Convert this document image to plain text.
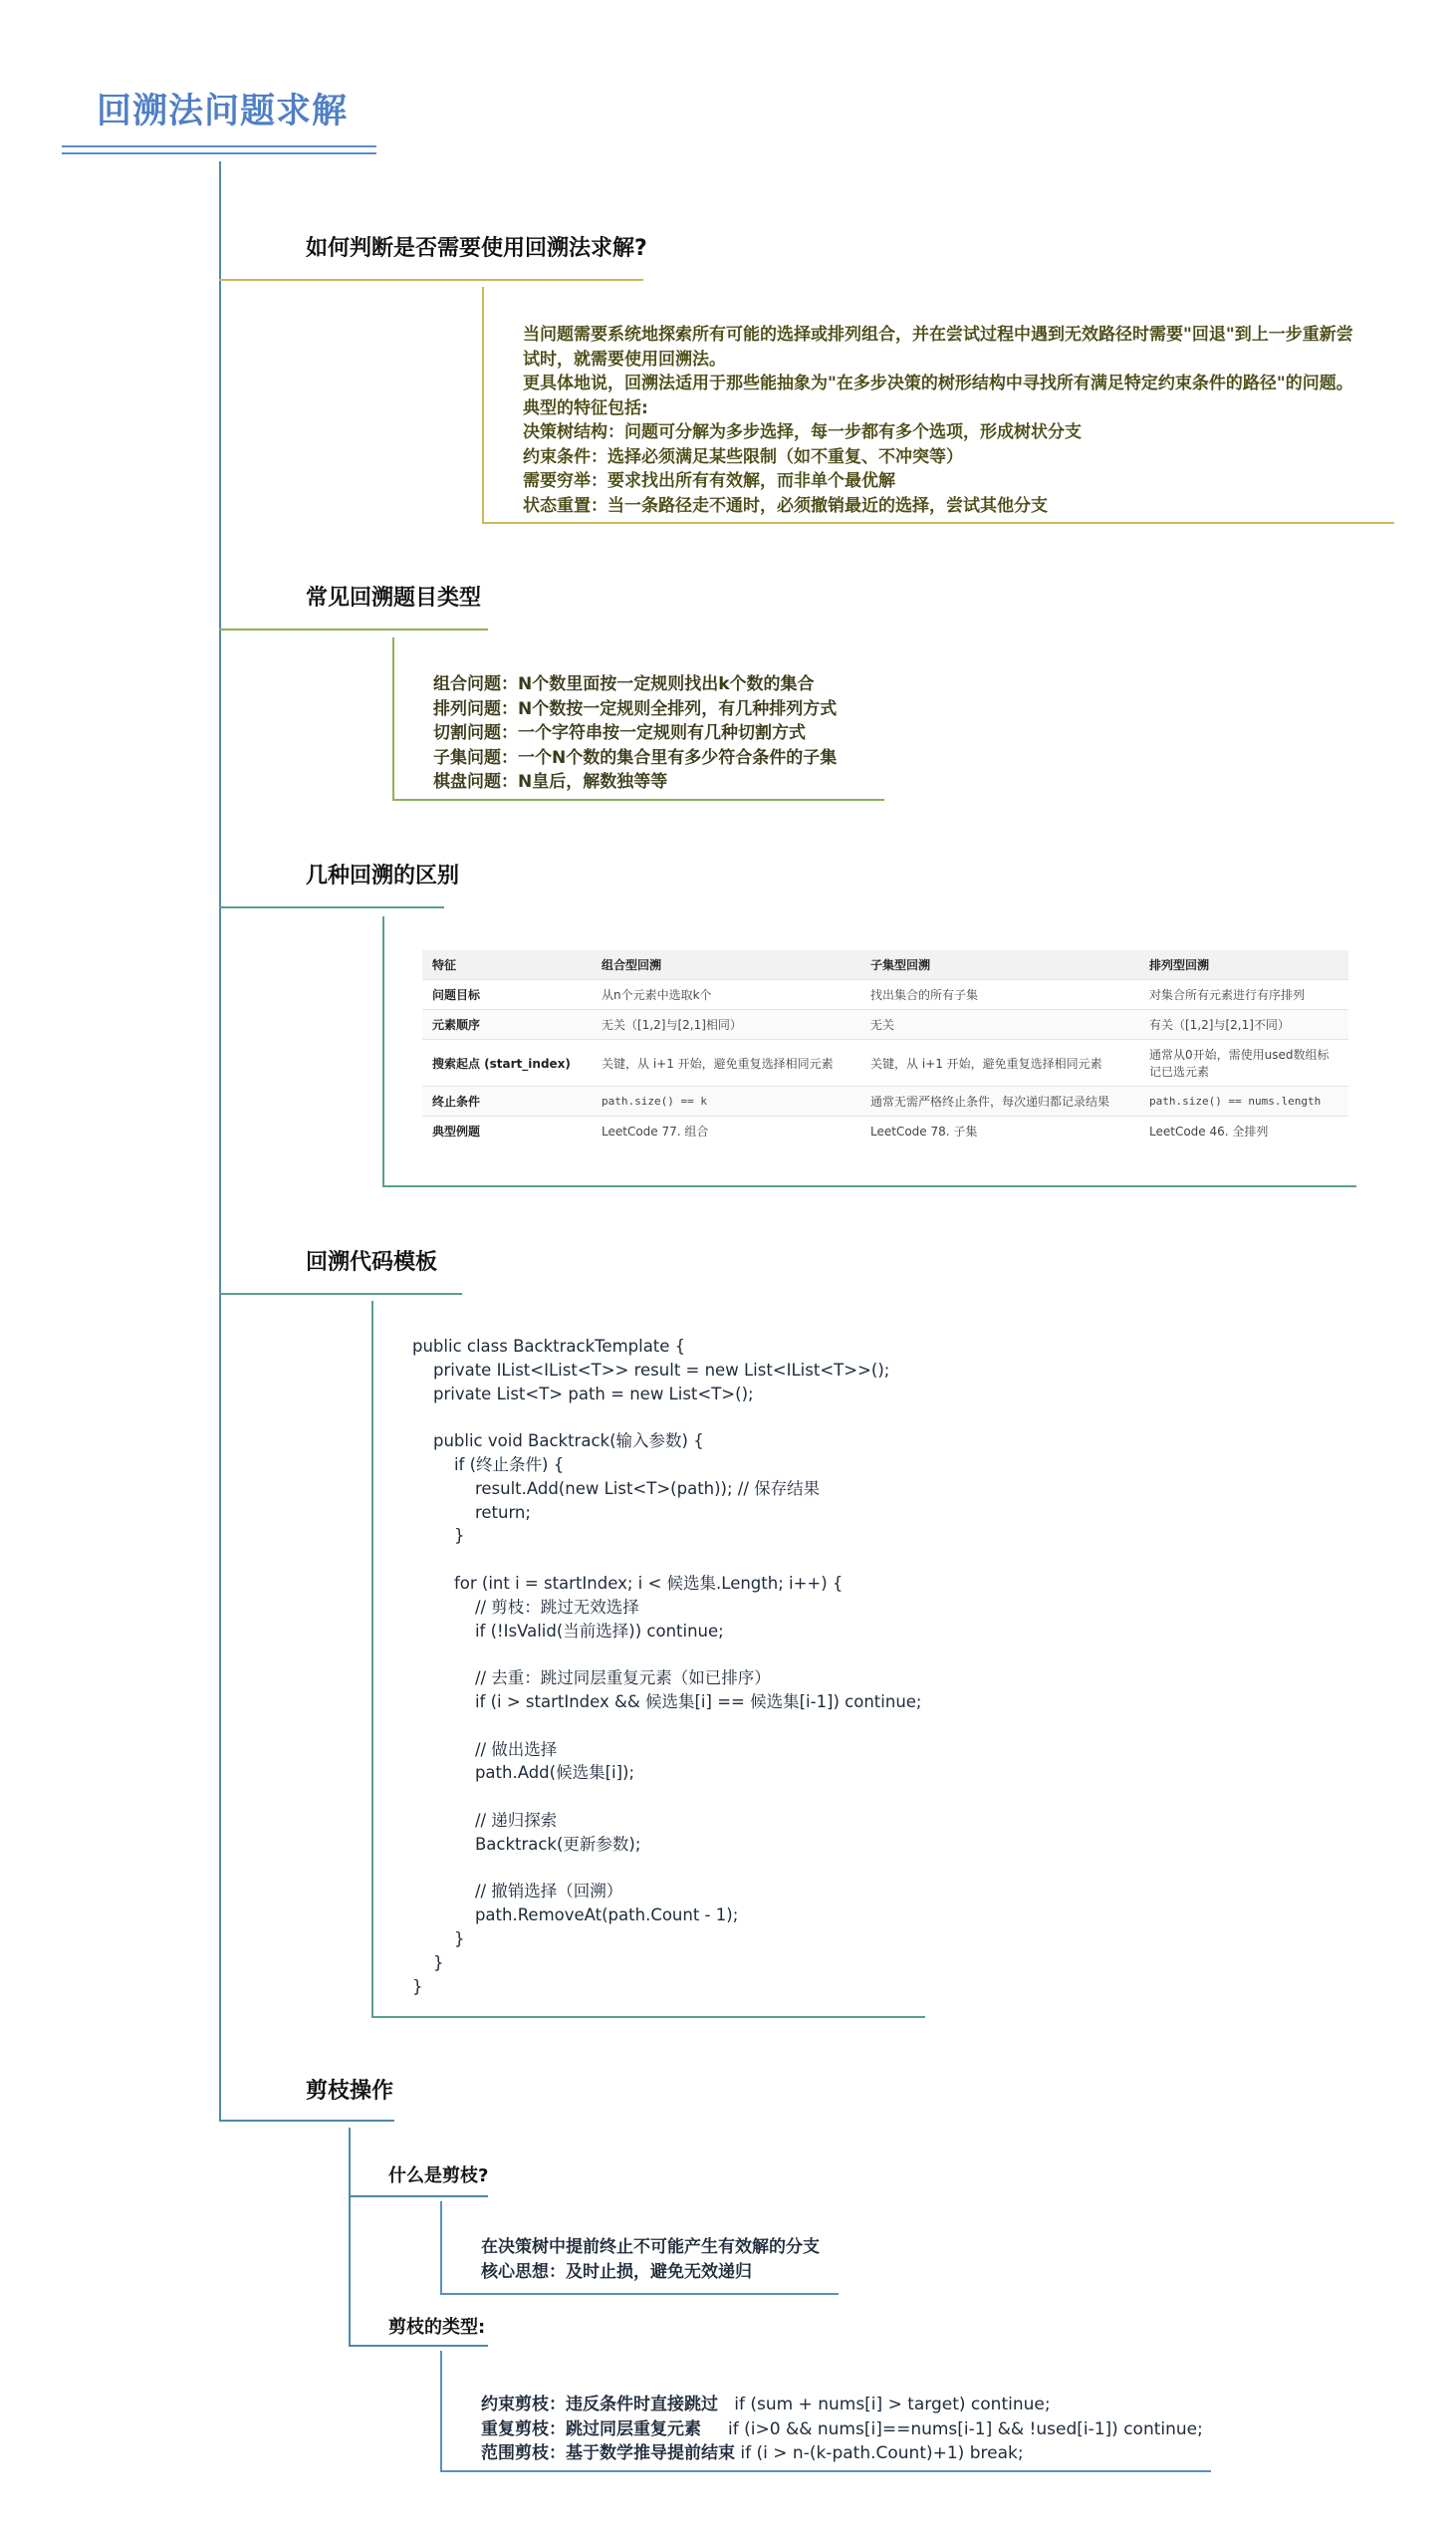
回溯法问题求解
如何判断是否需要使用回溯法求解?
当问题需要系统地探索所有可能的选择或排列组合，并在尝试过程中遇到无效路径时需要"回退"到上一步重新尝
试时，就需要使用回溯法。
更具体地说，回溯法适用于那些能抽象为"在多步决策的树形结构中寻找所有满足特定约束条件的路径"的问题。
典型的特征包括:
决策树结构：问题可分解为多步选择，每一步都有多个选项，形成树状分支
约束条件：选择必须满足某些限制（如不重复、不冲突等）
需要穷举：要求找出所有有效解，而非单个最优解
状态重置：当一条路径走不通时，必须撤销最近的选择，尝试其他分支
常见回溯题目类型
组合问题：N个数里面按一定规则找出k个数的集合
排列问题：N个数按一定规则全排列，有几种排列方式
切割问题：一个字符串按一定规则有几种切割方式
子集问题：一个N个数的集合里有多少符合条件的子集
棋盘问题：N皇后，解数独等等
几种回溯的区别
特征	组合型回溯	子集型回溯	排列型回溯
问题目标	从n个元素中选取k个	找出集合的所有子集	对集合所有元素进行有序排列
元素顺序	无关（[1,2]与[2,1]相同）	无关	有关（[1,2]与[2,1]不同）
搜索起点 (start_index)	关键，从 i+1 开始，避免重复选择相同元素	关键，从 i+1 开始，避免重复选择相同元素	通常从0开始，需使用used数组标记已选元素
终止条件	path.size() == k	通常无需严格终止条件，每次递归都记录结果	path.size() == nums.length
典型例题	LeetCode 77. 组合	LeetCode 78. 子集	LeetCode 46. 全排列
回溯代码模板
public class BacktrackTemplate {
private IList<IList<T>> result = new List<IList<T>>();
private List<T> path = new List<T>();
public void Backtrack(输入参数) {
if (终止条件) {
result.Add(new List<T>(path)); // 保存结果
return;
}
for (int i = startIndex; i < 候选集.Length; i++) {
// 剪枝：跳过无效选择
if (!IsValid(当前选择)) continue;
// 去重：跳过同层重复元素（如已排序）
if (i > startIndex && 候选集[i] == 候选集[i-1]) continue;
// 做出选择
path.Add(候选集[i]);
// 递归探索
Backtrack(更新参数);
// 撤销选择（回溯）
path.RemoveAt(path.Count - 1);
}
}
}
剪枝操作
什么是剪枝?
在决策树中提前终止不可能产生有效解的分支
核心思想：及时止损，避免无效递归
剪枝的类型:
约束剪枝：违反条件时直接跳过 if (sum + nums[i] > target) continue;
重复剪枝：跳过同层重复元素 if (i>0 && nums[i]==nums[i-1] && !used[i-1]) continue;
范围剪枝：基于数学推导提前结束 if (i > n-(k-path.Count)+1) break;
